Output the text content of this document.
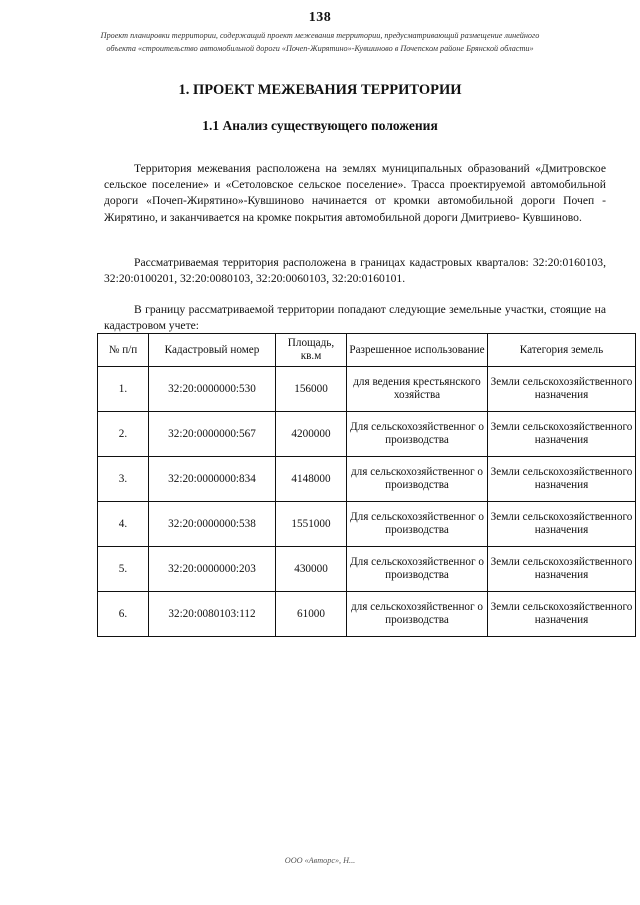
138
Проект планировки территории, содержащий проект межевания территории, предусматривающий размещение линейного объекта «строительство автомобильной дороги «Почеп-Жирятино»-Кувшиново в Почепском районе Брянской области»
1. ПРОЕКТ МЕЖЕВАНИЯ ТЕРРИТОРИИ
1.1 Анализ существующего положения

Территория межевания расположена на землях муниципальных образований «Дмитровское сельское поселение» и «Сетоловское сельское поселение». Трасса проектируемой автомобильной дороги «Почеп-Жирятино»-Кувшиново начинается от кромки автомобильной дороги Почеп - Жирятино, и заканчивается на кромке покрытия автомобильной дороги Дмитриево- Кувшиново.

Рассматриваемая территория расположена в границах кадастровых кварталов: 32:20:0160103, 32:20:0100201, 32:20:0080103, 32:20:0060103, 32:20:0160101.

В границу рассматриваемой территории попадают следующие земельные участки, стоящие на кадастровом учете:

№ п/п	Кадастровый номер	Площадь, кв.м	Разрешенное использование	Категория земель
1.	32:20:0000000:530	156000	для ведения крестьянского хозяйства	Земли сельскохозяйственного назначения
2.	32:20:0000000:567	4200000	Для сельскохозяйственног о производства	Земли сельскохозяйственного назначения
3.	32:20:0000000:834	4148000	для сельскохозяйственног о производства	Земли сельскохозяйственного назначения
4.	32:20:0000000:538	1551000	Для сельскохозяйственног о производства	Земли сельскохозяйственного назначения
5.	32:20:0000000:203	430000	Для сельскохозяйственног о производства	Земли сельскохозяйственного назначения
6.	32:20:0080103:112	61000	для сельскохозяйственног о производства	Земли сельскохозяйственного назначения
ООО «Авторс», Н...
